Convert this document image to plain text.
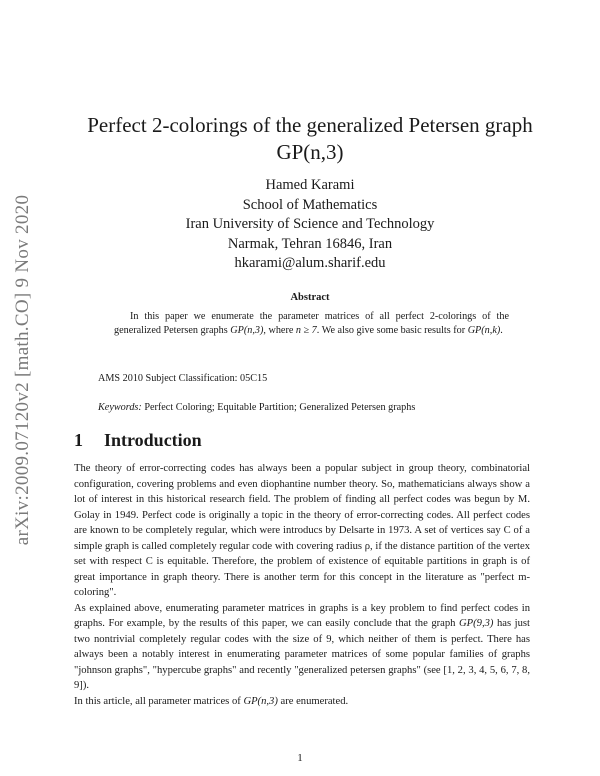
arXiv:2009.07120v2 [math.CO] 9 Nov 2020
Perfect 2-colorings of the generalized Petersen graph
GP(n,3)
Hamed Karami
School of Mathematics
Iran University of Science and Technology
Narmak, Tehran 16846, Iran
hkarami@alum.sharif.edu
Abstract

In this paper we enumerate the parameter matrices of all perfect 2-colorings of the generalized Petersen graphs GP(n,3), where n ≥ 7. We also give some basic results for GP(n,k).

AMS 2010 Subject Classification: 05C15
Keywords: Perfect Coloring; Equitable Partition; Generalized Petersen graphs
1 Introduction

The theory of error-correcting codes has always been a popular subject in group theory, combinatorial configuration, covering problems and even diophantine number theory. So, mathematicians always show a lot of interest in this historical research field. The problem of finding all perfect codes was begun by M. Golay in 1949. Perfect code is originally a topic in the theory of error-correcting codes. All perfect codes are known to be completely regular, which were introducs by Delsarte in 1973. A set of vertices say C of a simple graph is called completely regular code with covering radius ρ, if the distance partition of the vertex set with respect C is equitable. Therefore, the problem of existence of equitable partitions in graph is of great importance in graph theory. There is another term for this concept in the literature as "perfect m-coloring".

As explained above, enumerating parameter matrices in graphs is a key problem to find perfect codes in graphs. For example, by the results of this paper, we can easily conclude that the graph GP(9,3) has just two nontrivial completely regular codes with the size of 9, which neither of them is perfect. There has always been a notably interest in enumerating parameter matrices of some popular families of graphs "johnson graphs", "hypercube graphs" and recently "generalized petersen graphs" (see [1, 2, 3, 4, 5, 6, 7, 8, 9]).

In this article, all parameter matrices of GP(n,3) are enumerated.

1
